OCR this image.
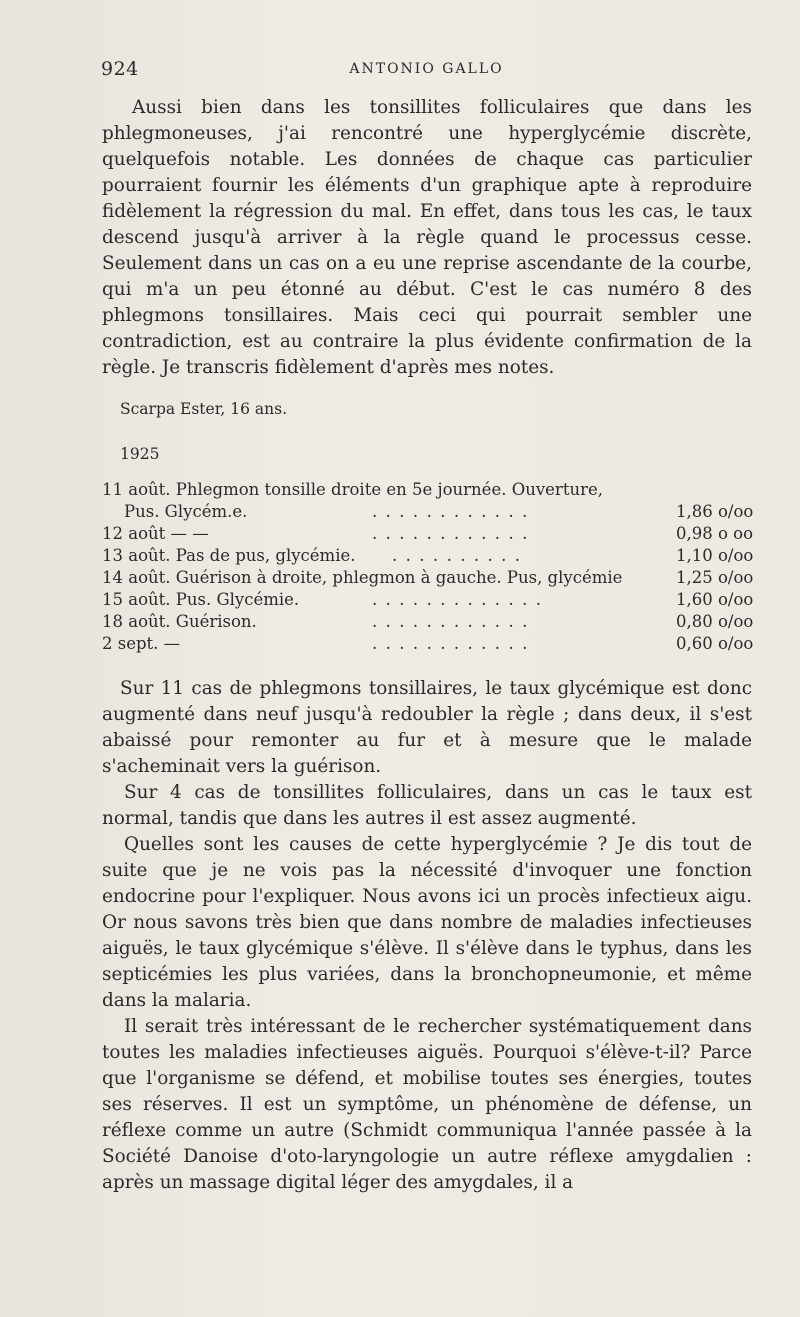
924	ANTONIO GALLO

Aussi bien dans les tonsillites folliculaires que dans les phlegmoneuses, j'ai rencontré une hyperglycémie discrète, quelquefois notable. Les données de chaque cas particulier pourraient fournir les éléments d'un graphique apte à reproduire fidèlement la régression du mal. En effet, dans tous les cas, le taux descend jusqu'à arriver à la règle quand le processus cesse. Seulement dans un cas on a eu une reprise ascendante de la courbe, qui m'a un peu étonné au début. C'est le cas numéro 8 des phlegmons tonsillaires. Mais ceci qui pourrait sembler une contradiction, est au contraire la plus évidente confirmation de la règle. Je transcris fidèlement d'après mes notes.

Scarpa Ester, 16 ans.
1925
11 août. Phlegmon tonsille droite en 5e journée. Ouverture,
Pus. Glycém.e.	............	1,86 o/oo
12 août — —	............	0,98 o oo
13 août. Pas de pus, glycémie. ..........	1,10 o/oo
14 août. Guérison à droite, phlegmon à gauche. Pus, glycémie	1,25 o/oo
15 août. Pus. Glycémie.	.............	1,60 o/oo
18 août. Guérison.	............	0,80 o/oo
2 sept. —	............	0,60 o/oo

Sur 11 cas de phlegmons tonsillaires, le taux glycémique est donc augmenté dans neuf jusqu'à redoubler la règle ; dans deux, il s'est abaissé pour remonter au fur et à mesure que le malade s'acheminait vers la guérison.

Sur 4 cas de tonsillites folliculaires, dans un cas le taux est normal, tandis que dans les autres il est assez augmenté.

Quelles sont les causes de cette hyperglycémie ? Je dis tout de suite que je ne vois pas la nécessité d'invoquer une fonction endocrine pour l'expliquer. Nous avons ici un procès infectieux aigu. Or nous savons très bien que dans nombre de maladies infectieuses aiguës, le taux glycémique s'élève. Il s'élève dans le typhus, dans les septicémies les plus variées, dans la bronchopneumonie, et même dans la malaria.

Il serait très intéressant de le rechercher systématiquement dans toutes les maladies infectieuses aiguës. Pourquoi s'élève-t-il? Parce que l'organisme se défend, et mobilise toutes ses énergies, toutes ses réserves. Il est un symptôme, un phénomène de défense, un réflexe comme un autre (Schmidt communiqua l'année passée à la Société Danoise d'oto-laryngologie un autre réflexe amygdalien : après un massage digital léger des amygdales, il a
